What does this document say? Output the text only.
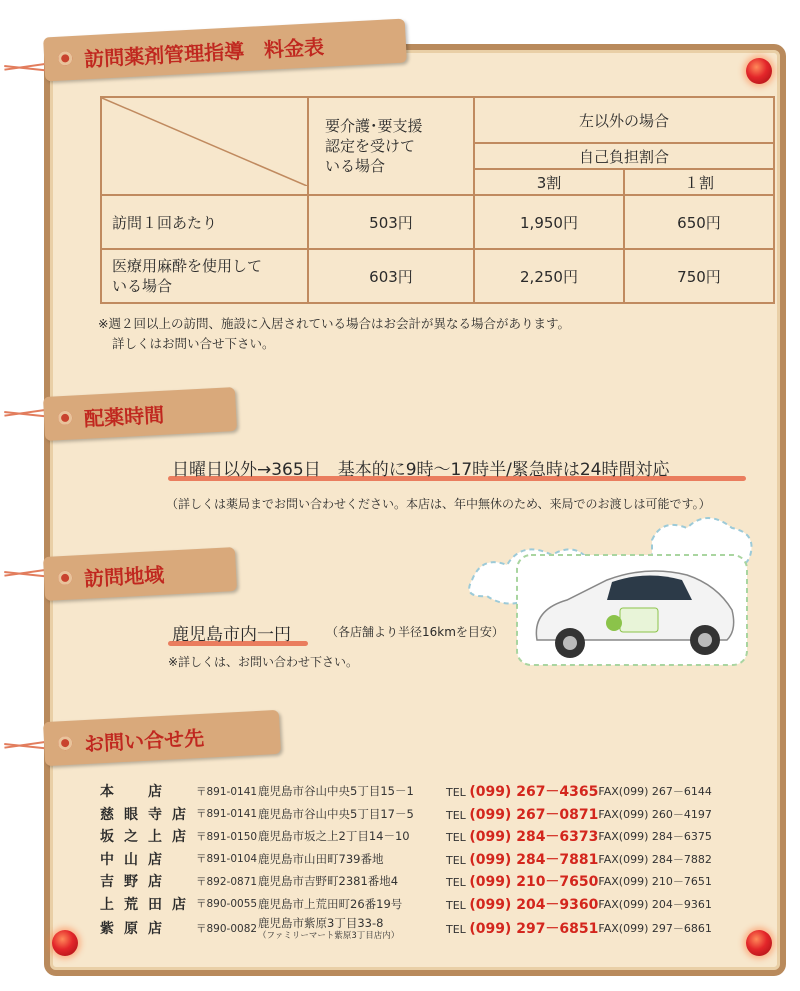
訪問薬剤管理指導　料金表
	要介護･要支援
認定を受けて
いる場合	左以外の場合	
		自己負担割合	
		3割	１割
訪問１回あたり	503円	1,950円	650円
医療用麻酔を使用して
いる場合	603円	2,250円	750円
※週２回以上の訪問、施設に入居されている場合はお会計が異なる場合があります。
詳しくはお問い合せ下さい。
配薬時間
日曜日以外→365日　基本的に9時～17時半/緊急時は24時間対応
（詳しくは薬局までお問い合わせください。本店は、年中無休のため、来局でのお渡しは可能です。）
訪問地域
鹿児島市内一円	（各店舗より半径16kmを目安）
※詳しくは、お問い合わせ下さい。
お問い合せ先
本　店	〒891-0141	鹿児島市谷山中央5丁目15－1	TEL (099) 267－4365	FAX(099) 267－6144
慈眼寺店	〒891-0141	鹿児島市谷山中央5丁目17－5	TEL (099) 267－0871	FAX(099) 260－4197
坂之上店	〒891-0150	鹿児島市坂之上2丁目14－10	TEL (099) 284－6373	FAX(099) 284－6375
中山店	〒891-0104	鹿児島市山田町739番地	TEL (099) 284－7881	FAX(099) 284－7882
吉野店	〒892-0871	鹿児島市吉野町2381番地4	TEL (099) 210－7650	FAX(099) 210－7651
上荒田店	〒890-0055	鹿児島市上荒田町26番19号	TEL (099) 204－9360	FAX(099) 204－9361
紫原店	〒890-0082	鹿児島市紫原3丁目33-8
（ファミリーマート紫原3丁目店内）	TEL (099) 297－6851	FAX(099) 297－6861
